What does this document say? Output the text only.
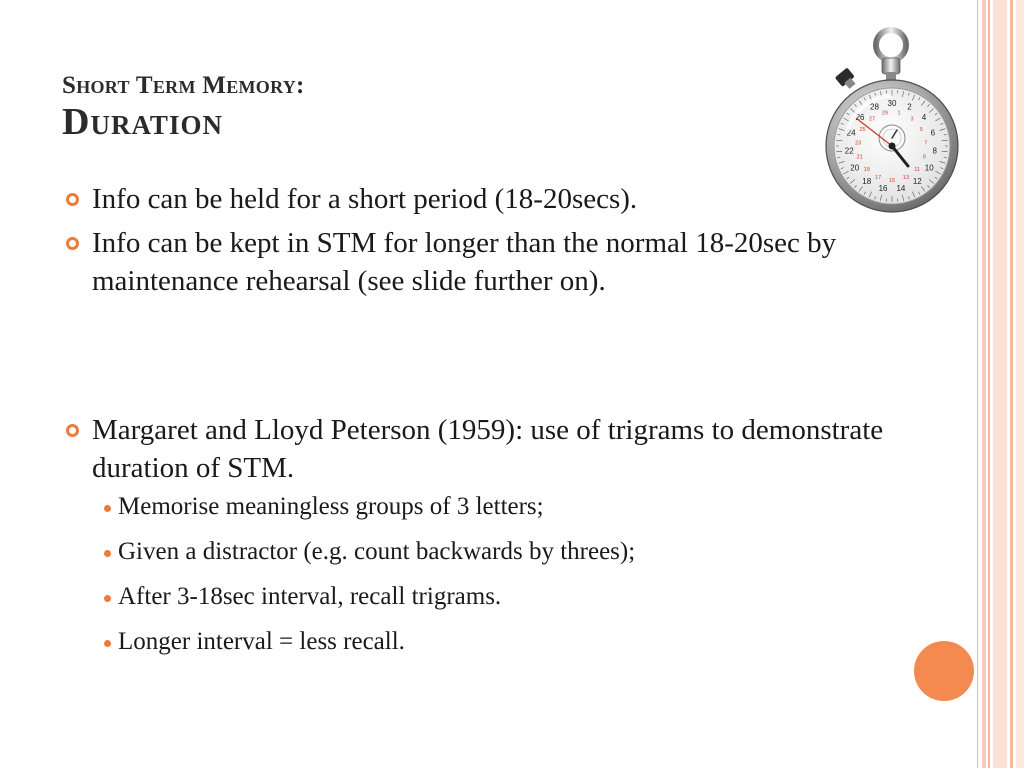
Short Term Memory:
Duration	30 2
4
6
8
10
12
14
16
18
20
22
24
26
28
1
3
5
7
9
11
13
15
17
19
21
23
25
27
29
Info can be held for a short period (18-20secs).
Info can be kept in STM for longer than the normal 18-20sec by maintenance rehearsal (see slide further on).
Margaret and Lloyd Peterson (1959): use of trigrams to demonstrate duration of STM.
Memorise meaningless groups of 3 letters;
Given a distractor (e.g. count backwards by threes);
After 3-18sec interval, recall trigrams.
Longer interval = less recall.
